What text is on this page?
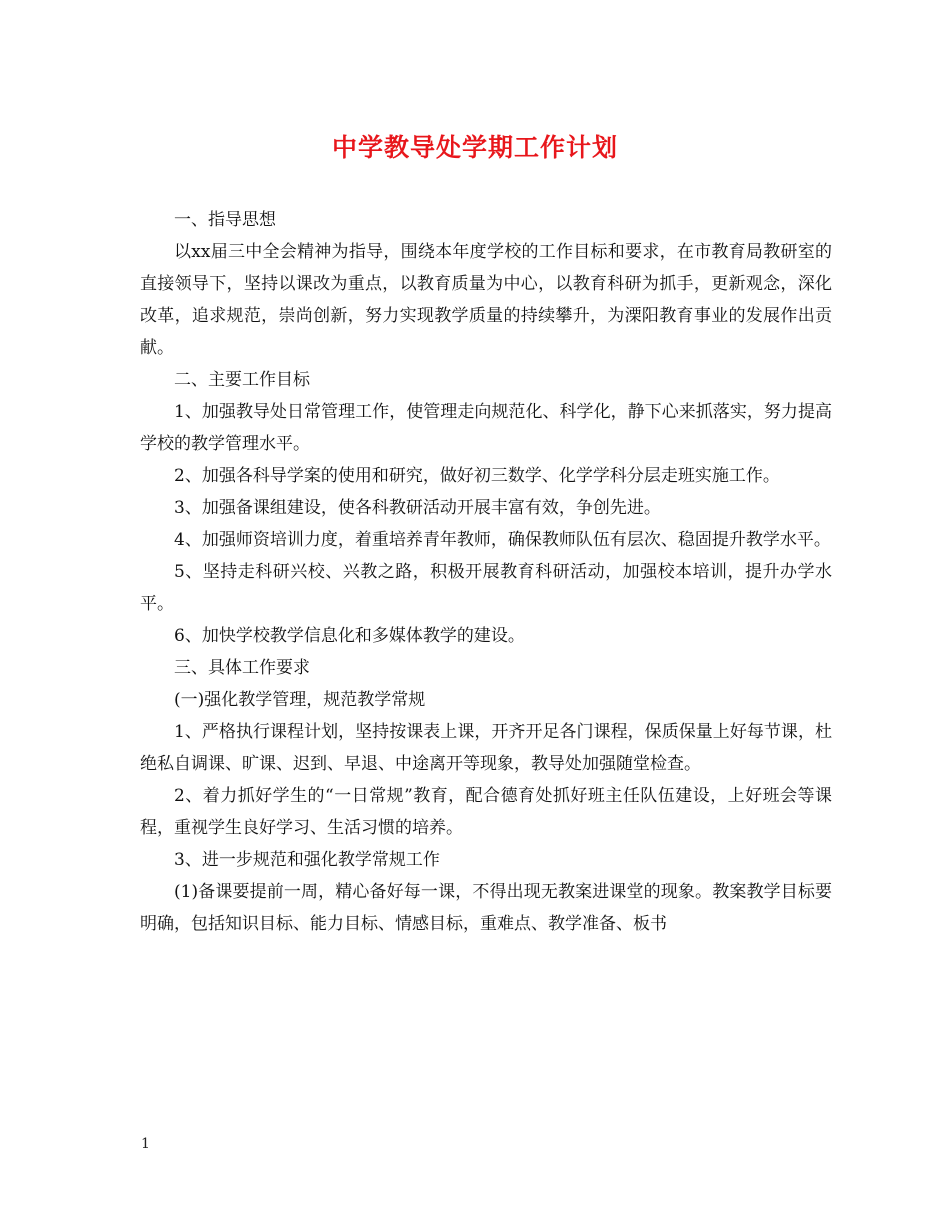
中学教导处学期工作计划

一、指导思想

以xx届三中全会精神为指导，围绕本年度学校的工作目标和要求，在市教育局教研室的直接领导下，坚持以课改为重点，以教育质量为中心，以教育科研为抓手，更新观念，深化改革，追求规范，崇尚创新，努力实现教学质量的持续攀升，为溧阳教育事业的发展作出贡献。

二、主要工作目标

1、加强教导处日常管理工作，使管理走向规范化、科学化，静下心来抓落实，努力提高学校的教学管理水平。

2、加强各科导学案的使用和研究，做好初三数学、化学学科分层走班实施工作。

3、加强备课组建设，使各科教研活动开展丰富有效，争创先进。

4、加强师资培训力度，着重培养青年教师，确保教师队伍有层次、稳固提升教学水平。

5、坚持走科研兴校、兴教之路，积极开展教育科研活动，加强校本培训，提升办学水平。

6、加快学校教学信息化和多媒体教学的建设。

三、具体工作要求

(一)强化教学管理，规范教学常规

1、严格执行课程计划，坚持按课表上课，开齐开足各门课程，保质保量上好每节课，杜绝私自调课、旷课、迟到、早退、中途离开等现象，教导处加强随堂检查。

2、着力抓好学生的“一日常规”教育，配合德育处抓好班主任队伍建设，上好班会等课程，重视学生良好学习、生活习惯的培养。

3、进一步规范和强化教学常规工作

(1)备课要提前一周，精心备好每一课，不得出现无教案进课堂的现象。教案教学目标要明确，包括知识目标、能力目标、情感目标，重难点、教学准备、板书

1
